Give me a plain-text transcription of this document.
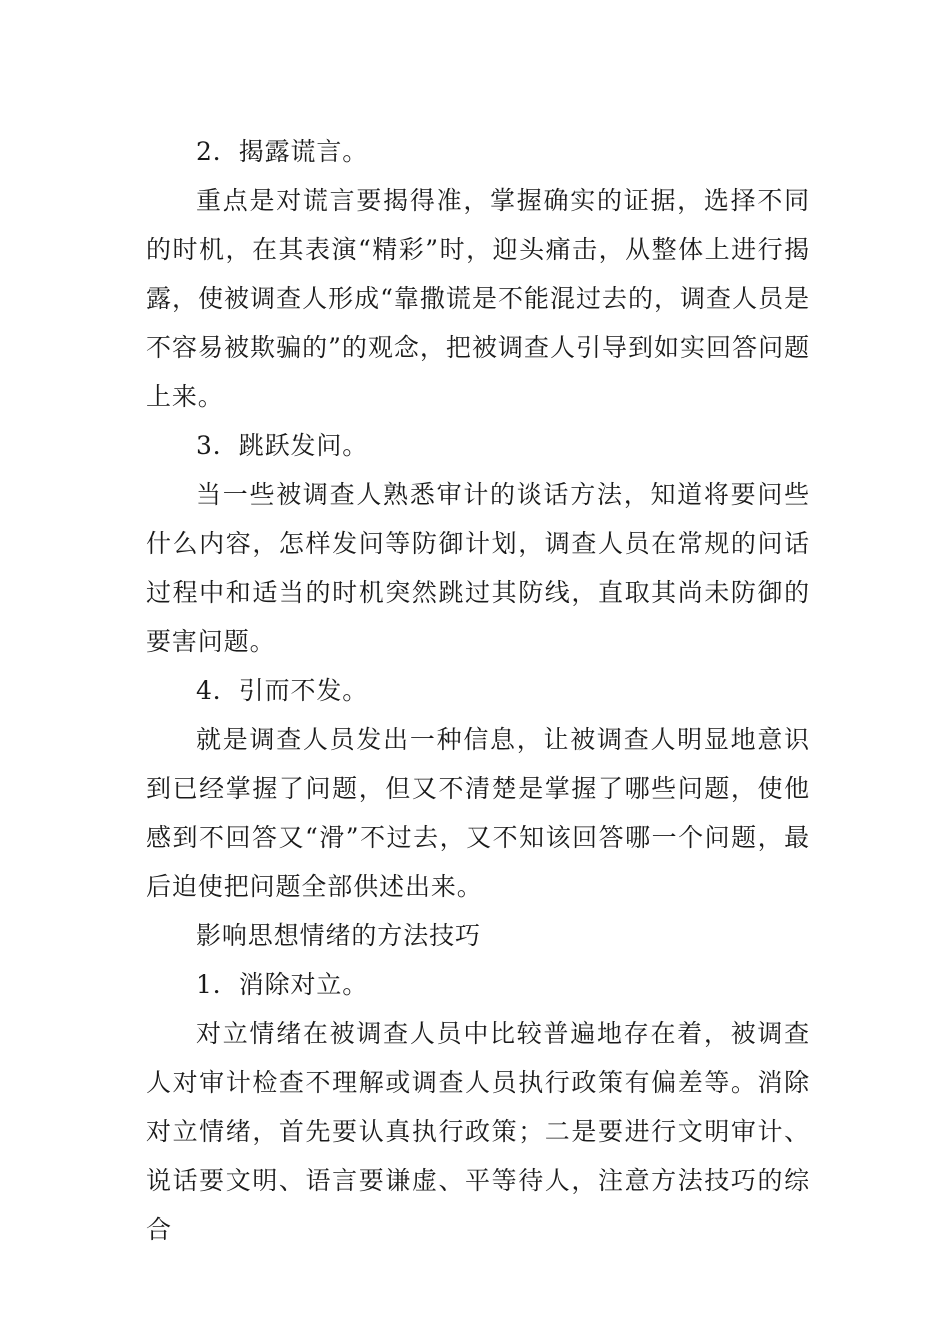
2．揭露谎言。

重点是对谎言要揭得准，掌握确实的证据，选择不同的时机，在其表演“精彩”时，迎头痛击，从整体上进行揭露，使被调查人形成“靠撒谎是不能混过去的，调查人员是不容易被欺骗的”的观念，把被调查人引导到如实回答问题上来。

3．跳跃发问。

当一些被调查人熟悉审计的谈话方法，知道将要问些什么内容，怎样发问等防御计划，调查人员在常规的问话过程中和适当的时机突然跳过其防线，直取其尚未防御的要害问题。

4．引而不发。

就是调查人员发出一种信息，让被调查人明显地意识到已经掌握了问题，但又不清楚是掌握了哪些问题，使他感到不回答又“滑”不过去，又不知该回答哪一个问题，最后迫使把问题全部供述出来。

影响思想情绪的方法技巧

1．消除对立。

对立情绪在被调查人员中比较普遍地存在着，被调查人对审计检查不理解或调查人员执行政策有偏差等。消除对立情绪，首先要认真执行政策；二是要进行文明审计、说话要文明、语言要谦虚、平等待人，注意方法技巧的综合
